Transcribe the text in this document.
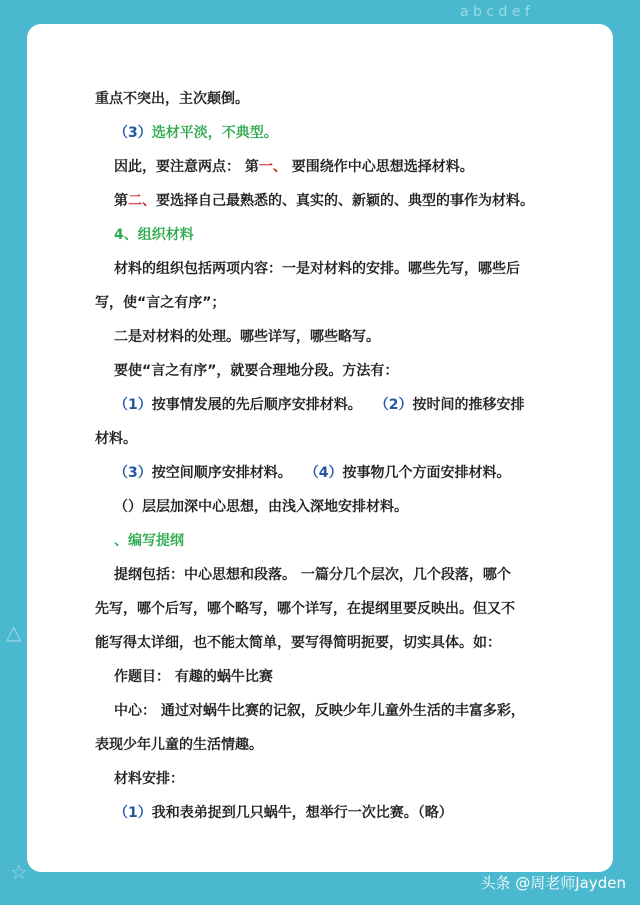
a b c d e f
△
☆
重点不突出，主次颠倒。
（3）选材平淡，不典型。
因此，要注意两点： 第一、 要围绕作中心思想选择材料。
第二、要选择自己最熟悉的、真实的、新颖的、典型的事作为材料。
4、组织材料
材料的组织包括两项内容：一是对材料的安排。哪些先写，哪些后
写，使“言之有序”；
二是对材料的处理。哪些详写，哪些略写。
要使“言之有序”，就要合理地分段。方法有：
（1）按事情发展的先后顺序安排材料。 （2）按时间的推移安排
材料。
（3）按空间顺序安排材料。 （4）按事物几个方面安排材料。
（）层层加深中心思想，由浅入深地安排材料。
、编写提纲
提纲包括：中心思想和段落。 一篇分几个层次，几个段落，哪个
先写，哪个后写，哪个略写，哪个详写，在提纲里要反映出。但又不
能写得太详细，也不能太简单，要写得简明扼要，切实具体。如：
作题目： 有趣的蜗牛比赛
中心： 通过对蜗牛比赛的记叙，反映少年儿童外生活的丰富多彩，
表现少年儿童的生活情趣。
材料安排：
（1）我和表弟捉到几只蜗牛，想举行一次比赛。（略）
头条 @周老师Jayden
